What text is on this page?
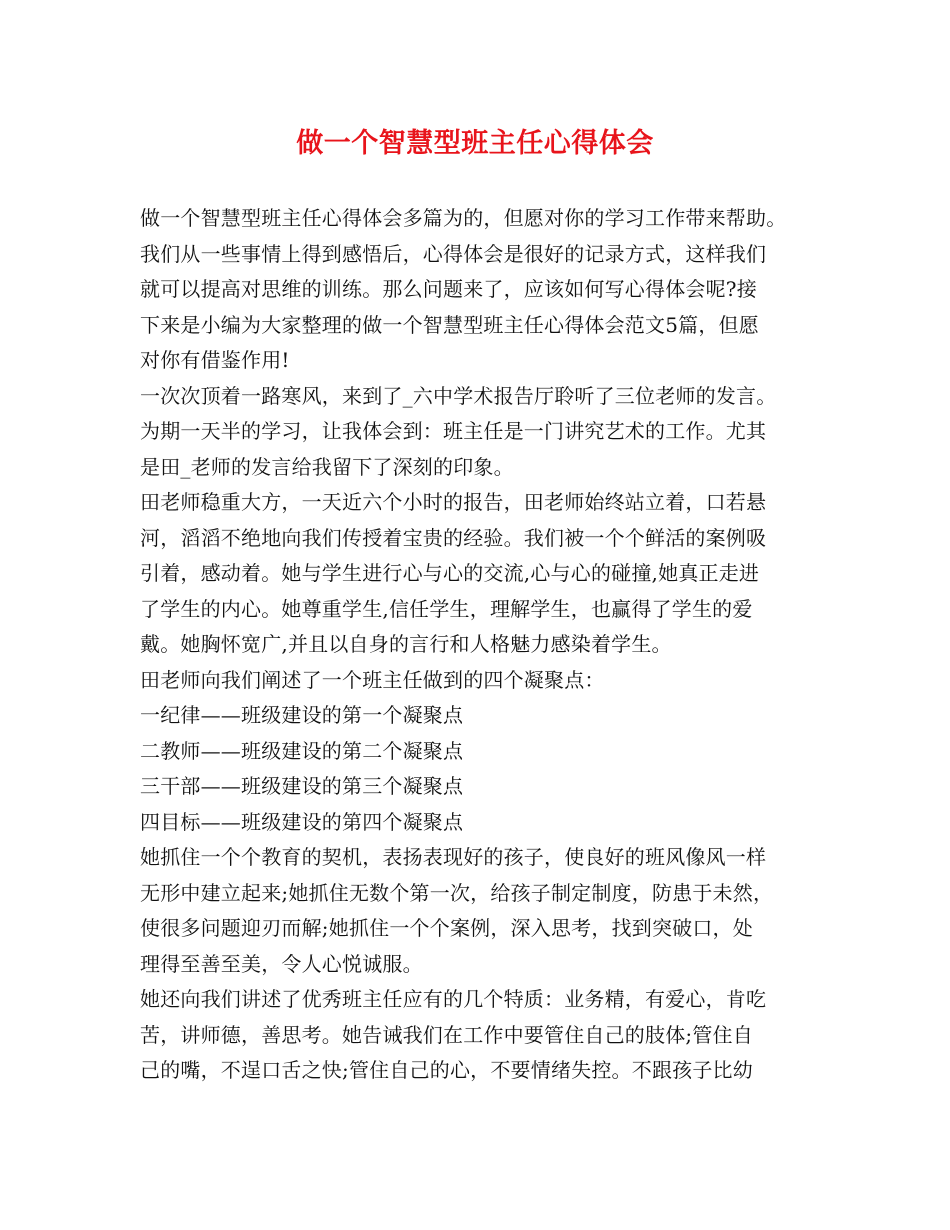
做一个智慧型班主任心得体会
做一个智慧型班主任心得体会多篇为的，但愿对你的学习工作带来帮助。
我们从一些事情上得到感悟后，心得体会是很好的记录方式，这样我们
就可以提高对思维的训练。那么问题来了，应该如何写心得体会呢?接
下来是小编为大家整理的做一个智慧型班主任心得体会范文5篇，但愿
对你有借鉴作用!
一次次顶着一路寒风，来到了_六中学术报告厅聆听了三位老师的发言。
为期一天半的学习，让我体会到：班主任是一门讲究艺术的工作。尤其
是田_老师的发言给我留下了深刻的印象。
田老师稳重大方，一天近六个小时的报告，田老师始终站立着，口若悬
河，滔滔不绝地向我们传授着宝贵的经验。我们被一个个鲜活的案例吸
引着，感动着。她与学生进行心与心的交流,心与心的碰撞,她真正走进
了学生的内心。她尊重学生,信任学生，理解学生，也赢得了学生的爱
戴。她胸怀宽广,并且以自身的言行和人格魅力感染着学生。
田老师向我们阐述了一个班主任做到的四个凝聚点：
一纪律——班级建设的第一个凝聚点
二教师——班级建设的第二个凝聚点
三干部——班级建设的第三个凝聚点
四目标——班级建设的第四个凝聚点
她抓住一个个教育的契机，表扬表现好的孩子，使良好的班风像风一样
无形中建立起来;她抓住无数个第一次，给孩子制定制度，防患于未然，
使很多问题迎刃而解;她抓住一个个案例，深入思考，找到突破口，处
理得至善至美，令人心悦诚服。
她还向我们讲述了优秀班主任应有的几个特质：业务精，有爱心，肯吃
苦，讲师德，善思考。她告诫我们在工作中要管住自己的肢体;管住自
己的嘴，不逞口舌之快;管住自己的心，不要情绪失控。不跟孩子比幼
